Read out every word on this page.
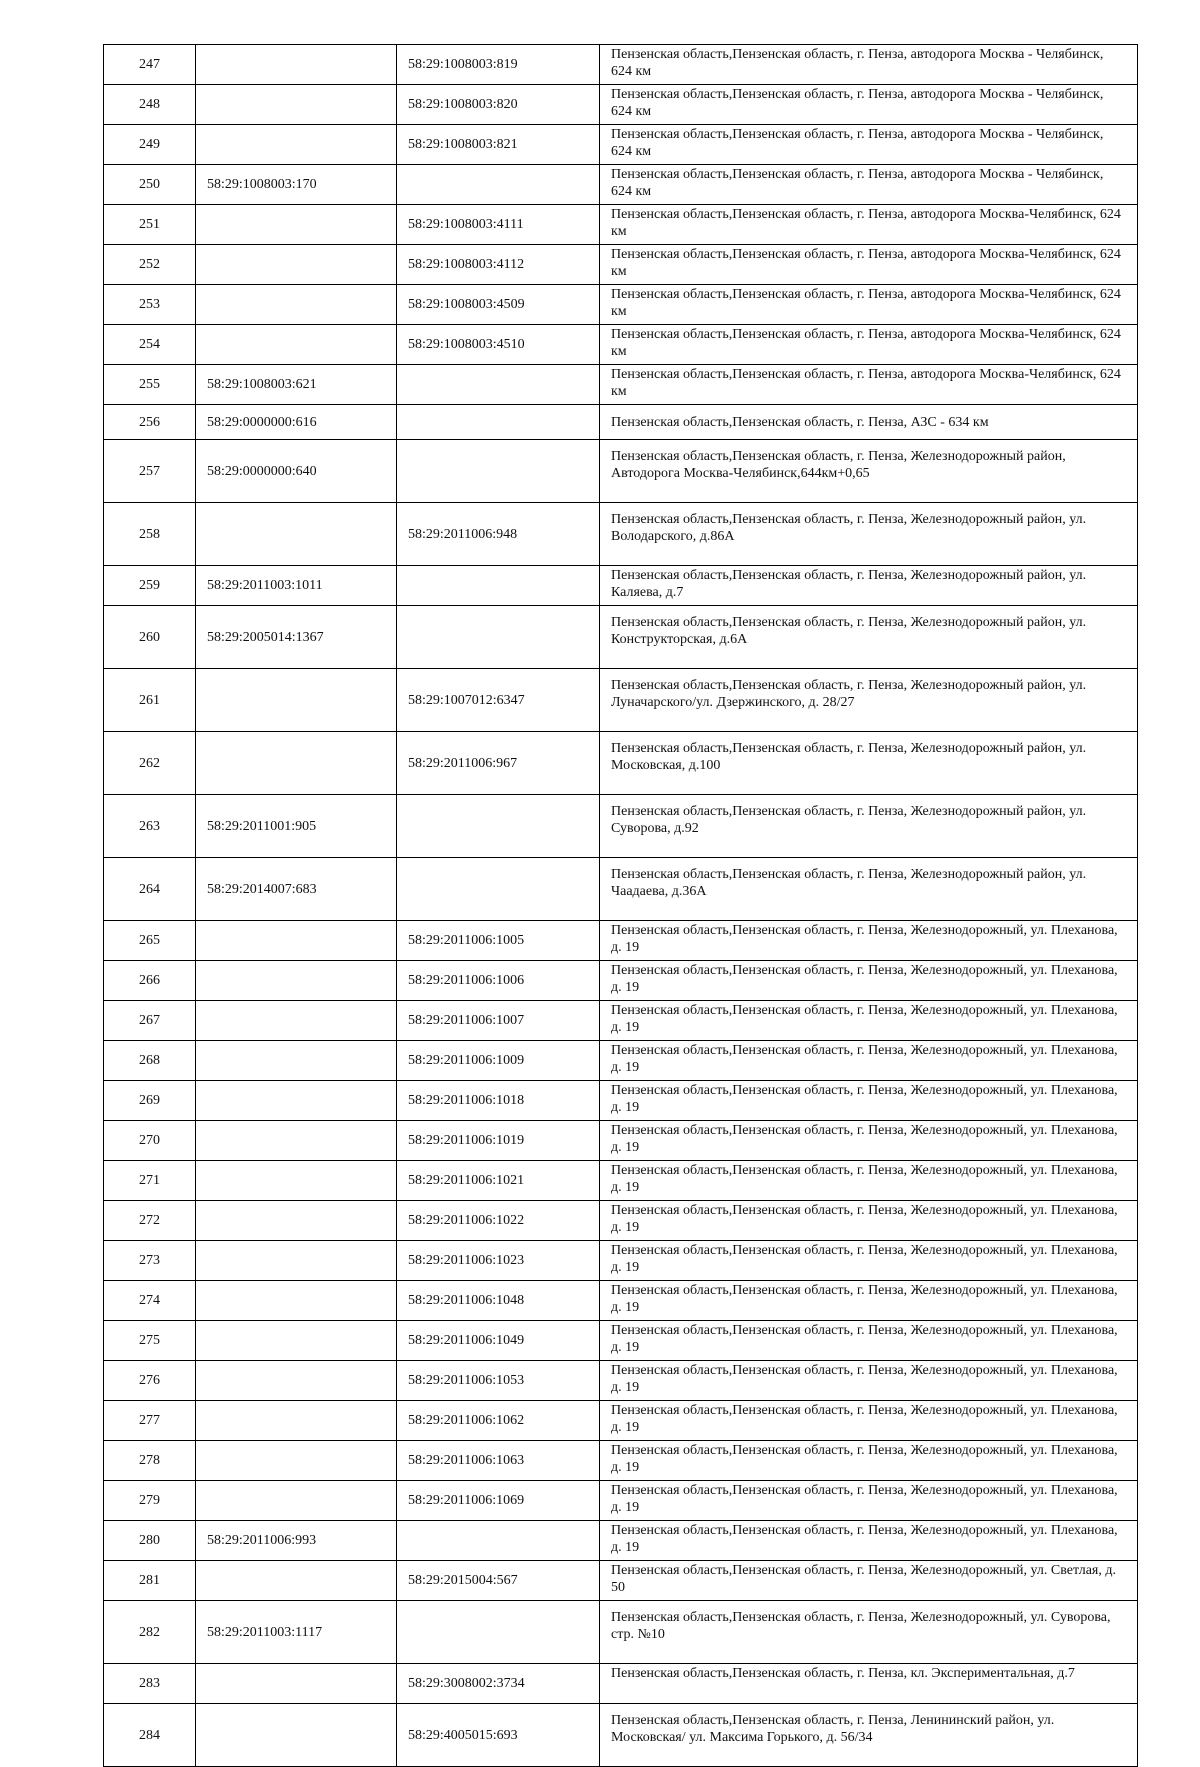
247		58:29:1008003:819	Пензенская область,Пензенская область, г. Пенза, автодорога Москва - Челябинск, 624 км
248		58:29:1008003:820	Пензенская область,Пензенская область, г. Пенза, автодорога Москва - Челябинск, 624 км
249		58:29:1008003:821	Пензенская область,Пензенская область, г. Пенза, автодорога Москва - Челябинск, 624 км
250	58:29:1008003:170		Пензенская область,Пензенская область, г. Пенза, автодорога Москва - Челябинск, 624 км
251		58:29:1008003:4111	Пензенская область,Пензенская область, г. Пенза, автодорога Москва-Челябинск, 624 км
252		58:29:1008003:4112	Пензенская область,Пензенская область, г. Пенза, автодорога Москва-Челябинск, 624 км
253		58:29:1008003:4509	Пензенская область,Пензенская область, г. Пенза, автодорога Москва-Челябинск, 624 км
254		58:29:1008003:4510	Пензенская область,Пензенская область, г. Пенза, автодорога Москва-Челябинск, 624 км
255	58:29:1008003:621		Пензенская область,Пензенская область, г. Пенза, автодорога Москва-Челябинск, 624 км
256	58:29:0000000:616		Пензенская область,Пензенская область, г. Пенза, АЗС - 634 км
257	58:29:0000000:640		Пензенская область,Пензенская область, г. Пенза, Железнодорожный район, Автодорога Москва-Челябинск,644км+0,65
258		58:29:2011006:948	Пензенская область,Пензенская область, г. Пенза, Железнодорожный район, ул. Володарского, д.86А
259	58:29:2011003:1011		Пензенская область,Пензенская область, г. Пенза, Железнодорожный район, ул. Каляева, д.7
260	58:29:2005014:1367		Пензенская область,Пензенская область, г. Пенза, Железнодорожный район, ул. Конструкторская, д.6А
261		58:29:1007012:6347	Пензенская область,Пензенская область, г. Пенза, Железнодорожный район, ул. Луначарского/ул. Дзержинского, д. 28/27
262		58:29:2011006:967	Пензенская область,Пензенская область, г. Пенза, Железнодорожный район, ул. Московская, д.100
263	58:29:2011001:905		Пензенская область,Пензенская область, г. Пенза, Железнодорожный район, ул. Суворова, д.92
264	58:29:2014007:683		Пензенская область,Пензенская область, г. Пенза, Железнодорожный район, ул. Чаадаева, д.36А
265		58:29:2011006:1005	Пензенская область,Пензенская область, г. Пенза, Железнодорожный, ул. Плеханова, д. 19
266		58:29:2011006:1006	Пензенская область,Пензенская область, г. Пенза, Железнодорожный, ул. Плеханова, д. 19
267		58:29:2011006:1007	Пензенская область,Пензенская область, г. Пенза, Железнодорожный, ул. Плеханова, д. 19
268		58:29:2011006:1009	Пензенская область,Пензенская область, г. Пенза, Железнодорожный, ул. Плеханова, д. 19
269		58:29:2011006:1018	Пензенская область,Пензенская область, г. Пенза, Железнодорожный, ул. Плеханова, д. 19
270		58:29:2011006:1019	Пензенская область,Пензенская область, г. Пенза, Железнодорожный, ул. Плеханова, д. 19
271		58:29:2011006:1021	Пензенская область,Пензенская область, г. Пенза, Железнодорожный, ул. Плеханова, д. 19
272		58:29:2011006:1022	Пензенская область,Пензенская область, г. Пенза, Железнодорожный, ул. Плеханова, д. 19
273		58:29:2011006:1023	Пензенская область,Пензенская область, г. Пенза, Железнодорожный, ул. Плеханова, д. 19
274		58:29:2011006:1048	Пензенская область,Пензенская область, г. Пенза, Железнодорожный, ул. Плеханова, д. 19
275		58:29:2011006:1049	Пензенская область,Пензенская область, г. Пенза, Железнодорожный, ул. Плеханова, д. 19
276		58:29:2011006:1053	Пензенская область,Пензенская область, г. Пенза, Железнодорожный, ул. Плеханова, д. 19
277		58:29:2011006:1062	Пензенская область,Пензенская область, г. Пенза, Железнодорожный, ул. Плеханова, д. 19
278		58:29:2011006:1063	Пензенская область,Пензенская область, г. Пенза, Железнодорожный, ул. Плеханова, д. 19
279		58:29:2011006:1069	Пензенская область,Пензенская область, г. Пенза, Железнодорожный, ул. Плеханова, д. 19
280	58:29:2011006:993		Пензенская область,Пензенская область, г. Пенза, Железнодорожный, ул. Плеханова, д. 19
281		58:29:2015004:567	Пензенская область,Пензенская область, г. Пенза, Железнодорожный, ул. Светлая, д. 50
282	58:29:2011003:1117		Пензенская область,Пензенская область, г. Пенза, Железнодорожный, ул. Суворова, стр. №10
283		58:29:3008002:3734	Пензенская область,Пензенская область, г. Пенза, кл. Экспериментальная, д.7
284		58:29:4005015:693	Пензенская область,Пензенская область, г. Пенза, Ленининский район, ул. Московская/ ул. Максима Горького, д. 56/34
